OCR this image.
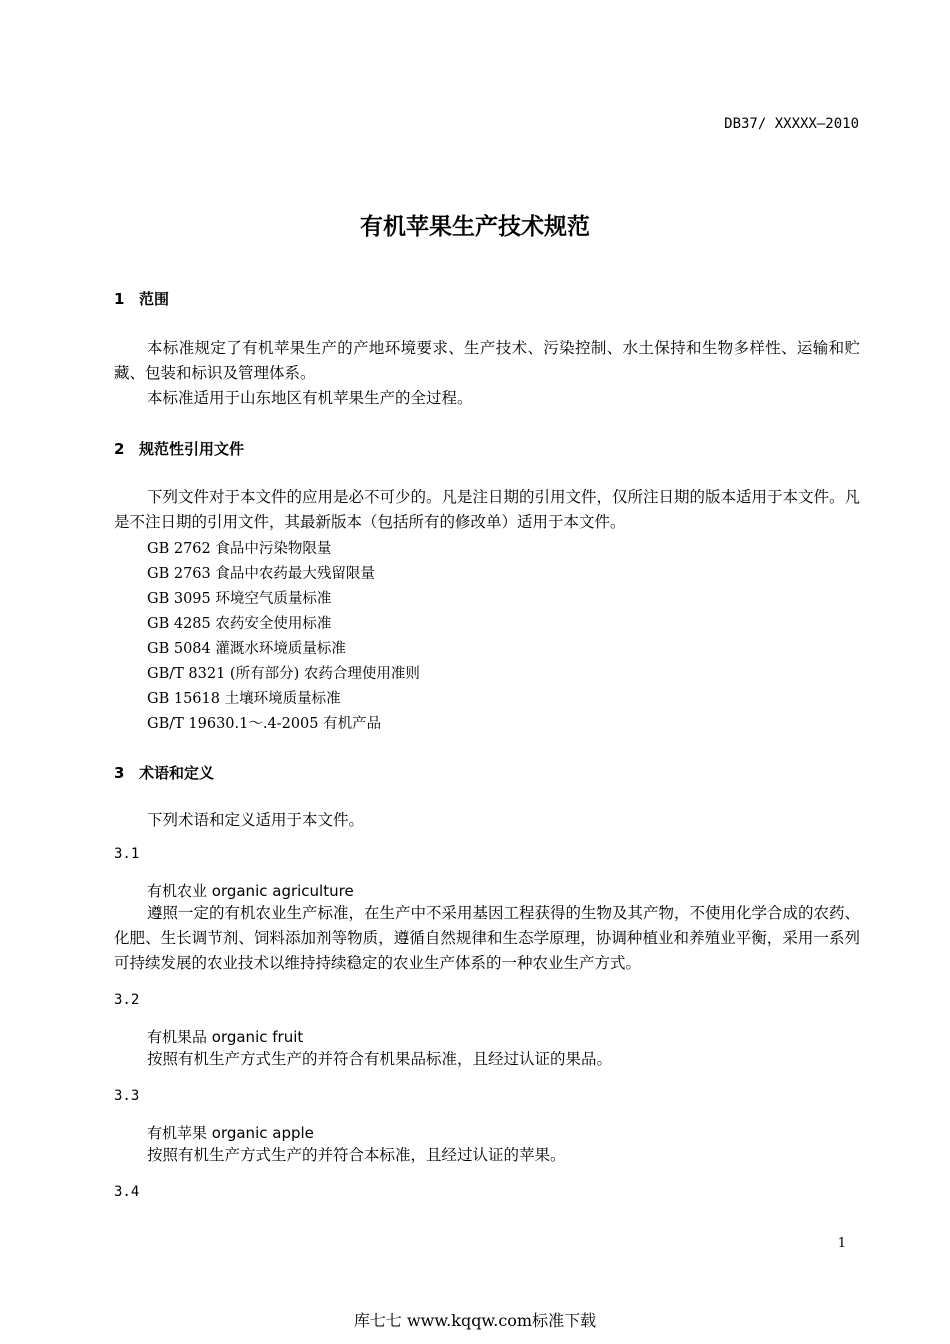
DB37/ XXXXX—2010
有机苹果生产技术规范
1 范围
本标准规定了有机苹果生产的产地环境要求、生产技术、污染控制、水土保持和生物多样性、运输和贮藏、包装和标识及管理体系。
本标准适用于山东地区有机苹果生产的全过程。
2 规范性引用文件
下列文件对于本文件的应用是必不可少的。凡是注日期的引用文件，仅所注日期的版本适用于本文件。凡是不注日期的引用文件，其最新版本（包括所有的修改单）适用于本文件。
GB 2762 食品中污染物限量
GB 2763 食品中农药最大残留限量
GB 3095 环境空气质量标准
GB 4285 农药安全使用标准
GB 5084 灌溉水环境质量标准
GB/T 8321 (所有部分) 农药合理使用准则
GB 15618 土壤环境质量标准
GB/T 19630.1～.4-2005 有机产品
3 术语和定义
下列术语和定义适用于本文件。
3.1
有机农业 organic agriculture
遵照一定的有机农业生产标准，在生产中不采用基因工程获得的生物及其产物，不使用化学合成的农药、化肥、生长调节剂、饲料添加剂等物质，遵循自然规律和生态学原理，协调种植业和养殖业平衡，采用一系列可持续发展的农业技术以维持持续稳定的农业生产体系的一种农业生产方式。
3.2
有机果品 organic fruit
按照有机生产方式生产的并符合有机果品标准，且经过认证的果品。
3.3
有机苹果 organic apple
按照有机生产方式生产的并符合本标准，且经过认证的苹果。
3.4
1
库七七 www.kqqw.com标准下载
